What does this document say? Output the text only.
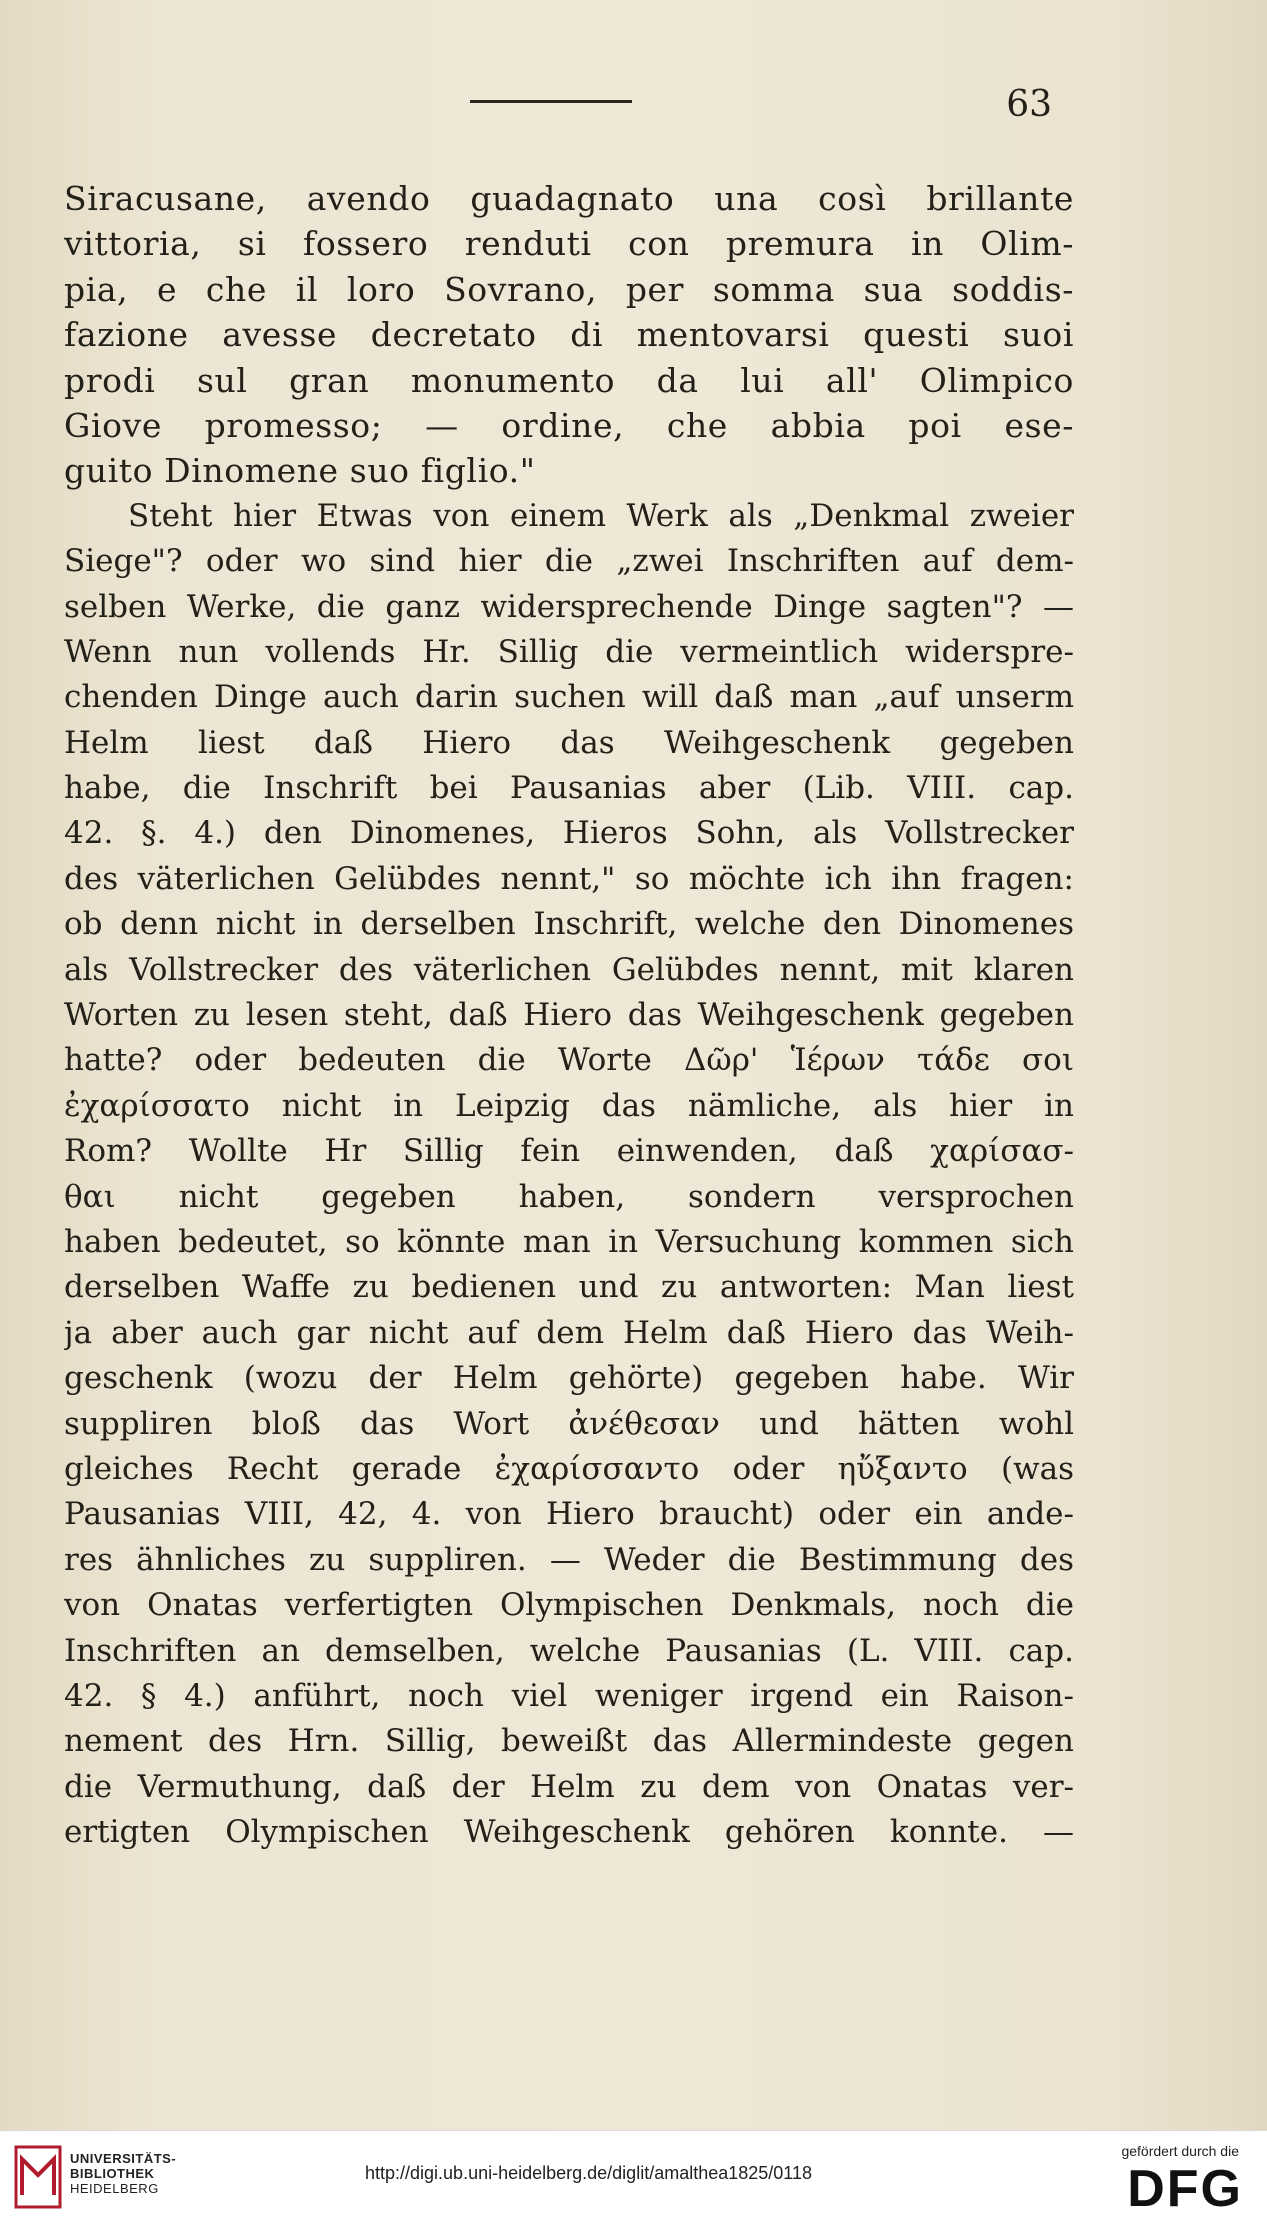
63
Siracusane, avendo guadagnato una così brillante
vittoria, si fossero renduti con premura in Olim-
pia, e che il loro Sovrano, per somma sua soddis-
fazione avesse decretato di mentovarsi questi suoi
prodi sul gran monumento da lui all' Olimpico
Giove promesso; — ordine, che abbia poi ese-
guito Dinomene suo figlio."
Steht hier Etwas von einem Werk als „Denkmal zweier
Siege"? oder wo sind hier die „zwei Inschriften auf dem-
selben Werke, die ganz widersprechende Dinge sagten"? —
Wenn nun vollends Hr. Sillig die vermeintlich widerspre-
chenden Dinge auch darin suchen will daß man „auf unserm
Helm liest daß Hiero das Weihgeschenk gegeben
habe, die Inschrift bei Pausanias aber (Lib. VIII. cap.
42. §. 4.) den Dinomenes, Hieros Sohn, als Vollstrecker
des väterlichen Gelübdes nennt," so möchte ich ihn fragen:
ob denn nicht in derselben Inschrift, welche den Dinomenes
als Vollstrecker des väterlichen Gelübdes nennt, mit klaren
Worten zu lesen steht, daß Hiero das Weihgeschenk gegeben
hatte? oder bedeuten die Worte Δῶρ' Ἱέρων τάδε σοι
ἐχαρίσσατο nicht in Leipzig das nämliche, als hier in
Rom? Wollte Hr Sillig fein einwenden, daß χαρίσασ-
θαι nicht gegeben haben, sondern versprochen
haben bedeutet, so könnte man in Versuchung kommen sich
derselben Waffe zu bedienen und zu antworten: Man liest
ja aber auch gar nicht auf dem Helm daß Hiero das Weih-
geschenk (wozu der Helm gehörte) gegeben habe. Wir
suppliren bloß das Wort ἀνέθεσαν und hätten wohl
gleiches Recht gerade ἐχαρίσσαντο oder ηὔξαντο (was
Pausanias VIII, 42, 4. von Hiero braucht) oder ein ande-
res ähnliches zu suppliren. — Weder die Bestimmung des
von Onatas verfertigten Olympischen Denkmals, noch die
Inschriften an demselben, welche Pausanias (L. VIII. cap.
42. § 4.) anführt, noch viel weniger irgend ein Raison-
nement des Hrn. Sillig, beweißt das Allermindeste gegen
die Vermuthung, daß der Helm zu dem von Onatas ver-
ertigten Olympischen Weihgeschenk gehören konnte. —
UNIVERSITÄTS-
BIBLIOTHEK
HEIDELBERG
http://digi.ub.uni-heidelberg.de/diglit/amalthea1825/0118
gefördert durch die
DFG
